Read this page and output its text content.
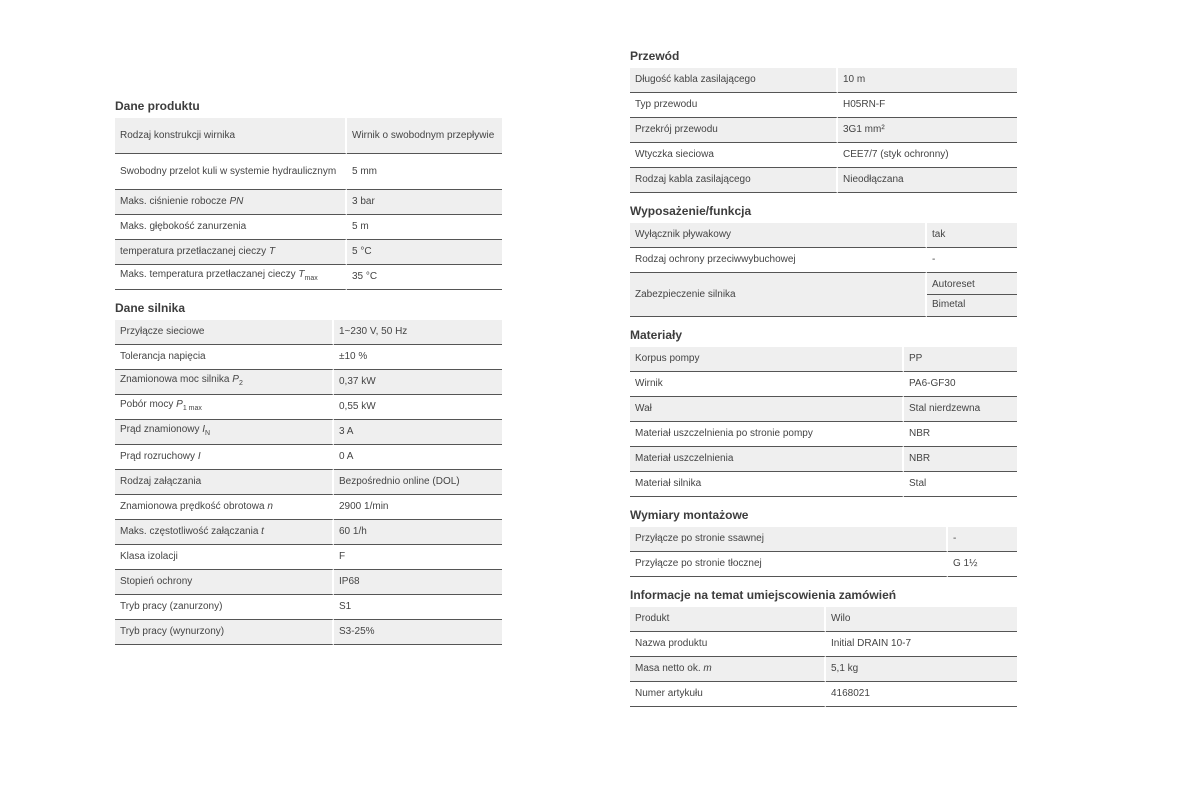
Dane produktu
Rodzaj konstrukcji wirnika	Wirnik o swobodnym przepływie
Swobodny przelot kuli w systemie hydraulicznym	5 mm
Maks. ciśnienie robocze PN	3 bar
Maks. głębokość zanurzenia	5 m
temperatura przetłaczanej cieczy T	5 °C
Maks. temperatura przetłaczanej cieczy $T_{max}$	35 °C
Dane silnika
Przyłącze sieciowe	1~230 V, 50 Hz
Tolerancja napięcia	±10 %
Znamionowa moc silnika $P_2$	0,37 kW
Pobór mocy $P_{1 max}$	0,55 kW
Prąd znamionowy $I_N$	3 A
Prąd rozruchowy I	0 A
Rodzaj załączania	Bezpośrednio online (DOL)
Znamionowa prędkość obrotowa n	2900 1/min
Maks. częstotliwość załączania t	60 1/h
Klasa izolacji	F
Stopień ochrony	IP68
Tryb pracy (zanurzony)	S1
Tryb pracy (wynurzony)	S3-25%
Przewód
Długość kabla zasilającego	10 m
Typ przewodu	H05RN-F
Przekrój przewodu	3G1 mm²
Wtyczka sieciowa	CEE7/7 (styk ochronny)
Rodzaj kabla zasilającego	Nieodłączana
Wyposażenie/funkcja
Wyłącznik pływakowy	tak
Rodzaj ochrony przeciwwybuchowej	-
Zabezpieczenie silnika	Autoreset
Bimetal
Materiały
Korpus pompy	PP
Wirnik	PA6-GF30
Wał	Stal nierdzewna
Materiał uszczelnienia po stronie pompy	NBR
Materiał uszczelnienia	NBR
Materiał silnika	Stal
Wymiary montażowe
Przyłącze po stronie ssawnej	-
Przyłącze po stronie tłocznej	G 1½
Informacje na temat umiejscowienia zamówień
Produkt	Wilo
Nazwa produktu	Initial DRAIN 10-7
Masa netto ok. m	5,1 kg
Numer artykułu	4168021
